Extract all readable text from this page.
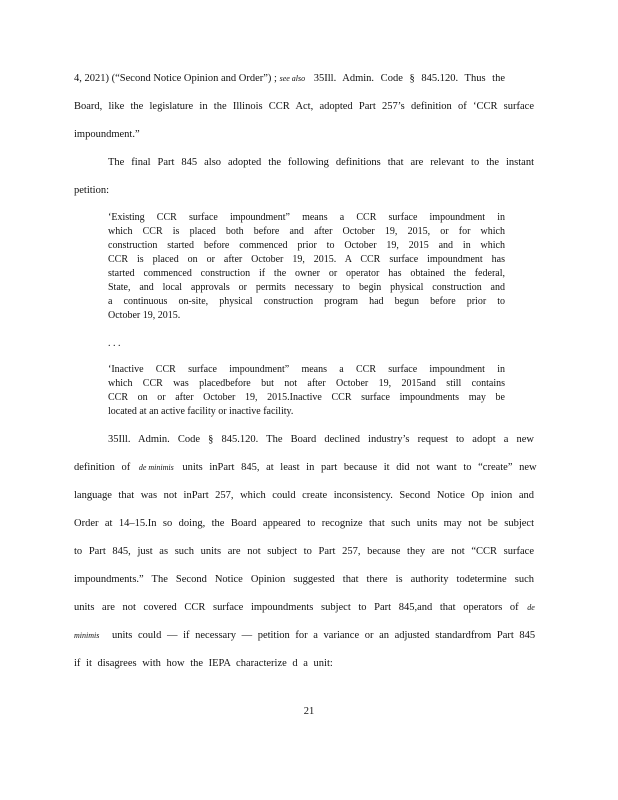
4, 2021) (“Second Notice Opinion and Order”) ; see also 35Ill. Admin. Code § 845.120. Thus the
Board, like the legislature in the Illinois CCR Act, adopted Part 257’s definition of ‘CCR surface
impoundment.”
The final Part 845 also adopted the following definitions that are relevant to the instant
petition:
‘Existing CCR surface impoundment” means a CCR surface impoundment in
which CCR is placed both before and after October 19, 2015, or for which
construction started before commenced prior to October 19, 2015 and in which
CCR is placed on or after October 19, 2015. A CCR surface impoundment has
started commenced construction if the owner or operator has obtained the federal,
State, and local approvals or permits necessary to begin physical construction and
a continuous on-site, physical construction program had begun before prior to
October 19, 2015.
. . .
‘Inactive CCR surface impoundment” means a CCR surface impoundment in
which CCR was placedbefore but not after October 19, 2015and still contains
CCR on or after October 19, 2015.Inactive CCR surface impoundments may be
located at an active facility or inactive facility.
35Ill. Admin. Code § 845.120. The Board declined industry’s request to adopt a new
definition of de minimis units inPart 845, at least in part because it did not want to “create” new
language that was not inPart 257, which could create inconsistency. Second Notice Op inion and
Order at 14–15.In so doing, the Board appeared to recognize that such units may not be subject
to Part 845, just as such units are not subject to Part 257, because they are not “CCR surface
impoundments.” The Second Notice Opinion suggested that there is authority todetermine such
units are not covered CCR surface impoundments subject to Part 845,and that operators of de
minimis units could — if necessary — petition for a variance or an adjusted standardfrom Part 845
if it disagrees with how the IEPA characterize d a unit:
21
